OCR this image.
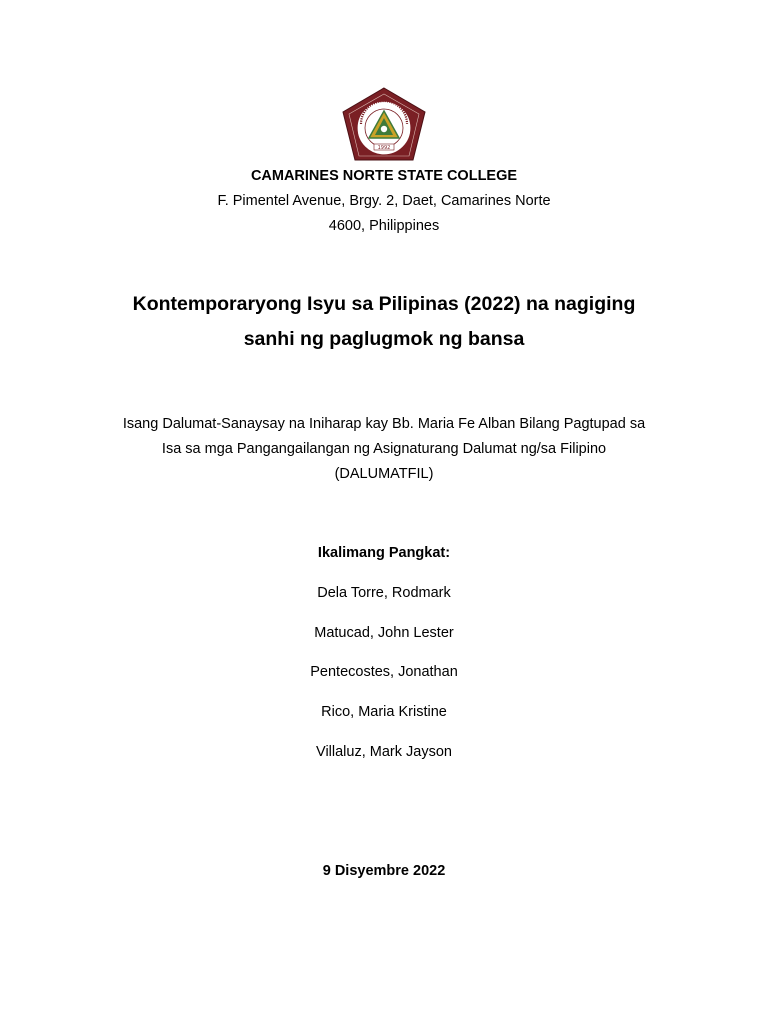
1992
CAMARINES NORTE STATE COLLEGE
F. Pimentel Avenue, Brgy. 2, Daet, Camarines Norte
4600, Philippines
Kontemporaryong Isyu sa Pilipinas (2022) na nagiging
sanhi ng paglugmok ng bansa
Isang Dalumat-Sanaysay na Iniharap kay Bb. Maria Fe Alban Bilang Pagtupad sa
Isa sa mga Pangangailangan ng Asignaturang Dalumat ng/sa Filipino
(DALUMATFIL)
Ikalimang Pangkat:
Dela Torre, Rodmark
Matucad, John Lester
Pentecostes, Jonathan
Rico, Maria Kristine
Villaluz, Mark Jayson
9 Disyembre 2022
